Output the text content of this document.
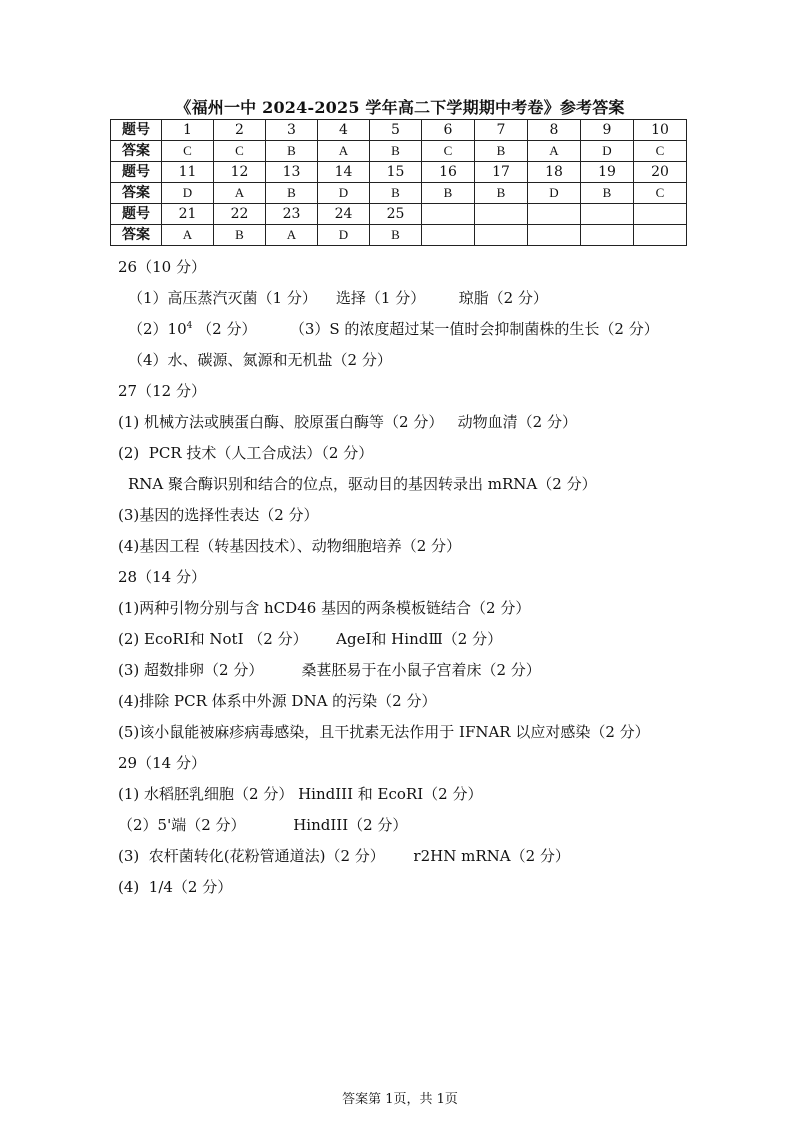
《福州一中 2024-2025 学年高二下学期期中考卷》参考答案
题号	1	2	3	4	5	6	7	8	9	10
答案	C	C	B	A	B	C	B	A	D	C
题号	11	12	13	14	15	16	17	18	19	20
答案	D	A	B	D	B	B	B	D	B	C
题号	21	22	23	24	25					
答案	A	B	A	D	B					
26（10 分）
（1）高压蒸汽灭菌（1 分）    选择（1 分）       琼脂（2 分）
$(2)10^4$ （2 分）       （3）S 的浓度超过某一值时会抑制菌株的生长（2 分）
（4）水、碳源、氮源和无机盐（2 分）
27（12 分）
(1) 机械方法或胰蛋白酶、胶原蛋白酶等（2 分）   动物血清（2 分）
(2)  PCR 技术（人工合成法）（2 分）
RNA 聚合酶识别和结合的位点，驱动目的基因转录出 mRNA（2 分）
(3)基因的选择性表达（2 分）
(4)基因工程（转基因技术）、动物细胞培养（2 分）
28（14 分）
(1)两种引物分别与含 hCD46 基因的两条模板链结合（2 分）
(2) EcoRⅠ和 NotI （2 分）      AgeⅠ和 HindⅢ（2 分）
(3) 超数排卵（2 分）        桑葚胚易于在小鼠子宫着床（2 分）
(4)排除 PCR 体系中外源 DNA 的污染（2 分）
(5)该小鼠能被麻疹病毒感染，且干扰素无法作用于 IFNAR 以应对感染（2 分）
29（14 分）
(1) 水稻胚乳细胞（2 分） HindIII 和 EcoRI（2 分）
（2）5'端（2 分）          HindIII（2 分）
(3)  农杆菌转化(花粉管通道法)（2 分）      r2HN mRNA（2 分）
(4)  1/4（2 分）
答案第 1页，共 1页
